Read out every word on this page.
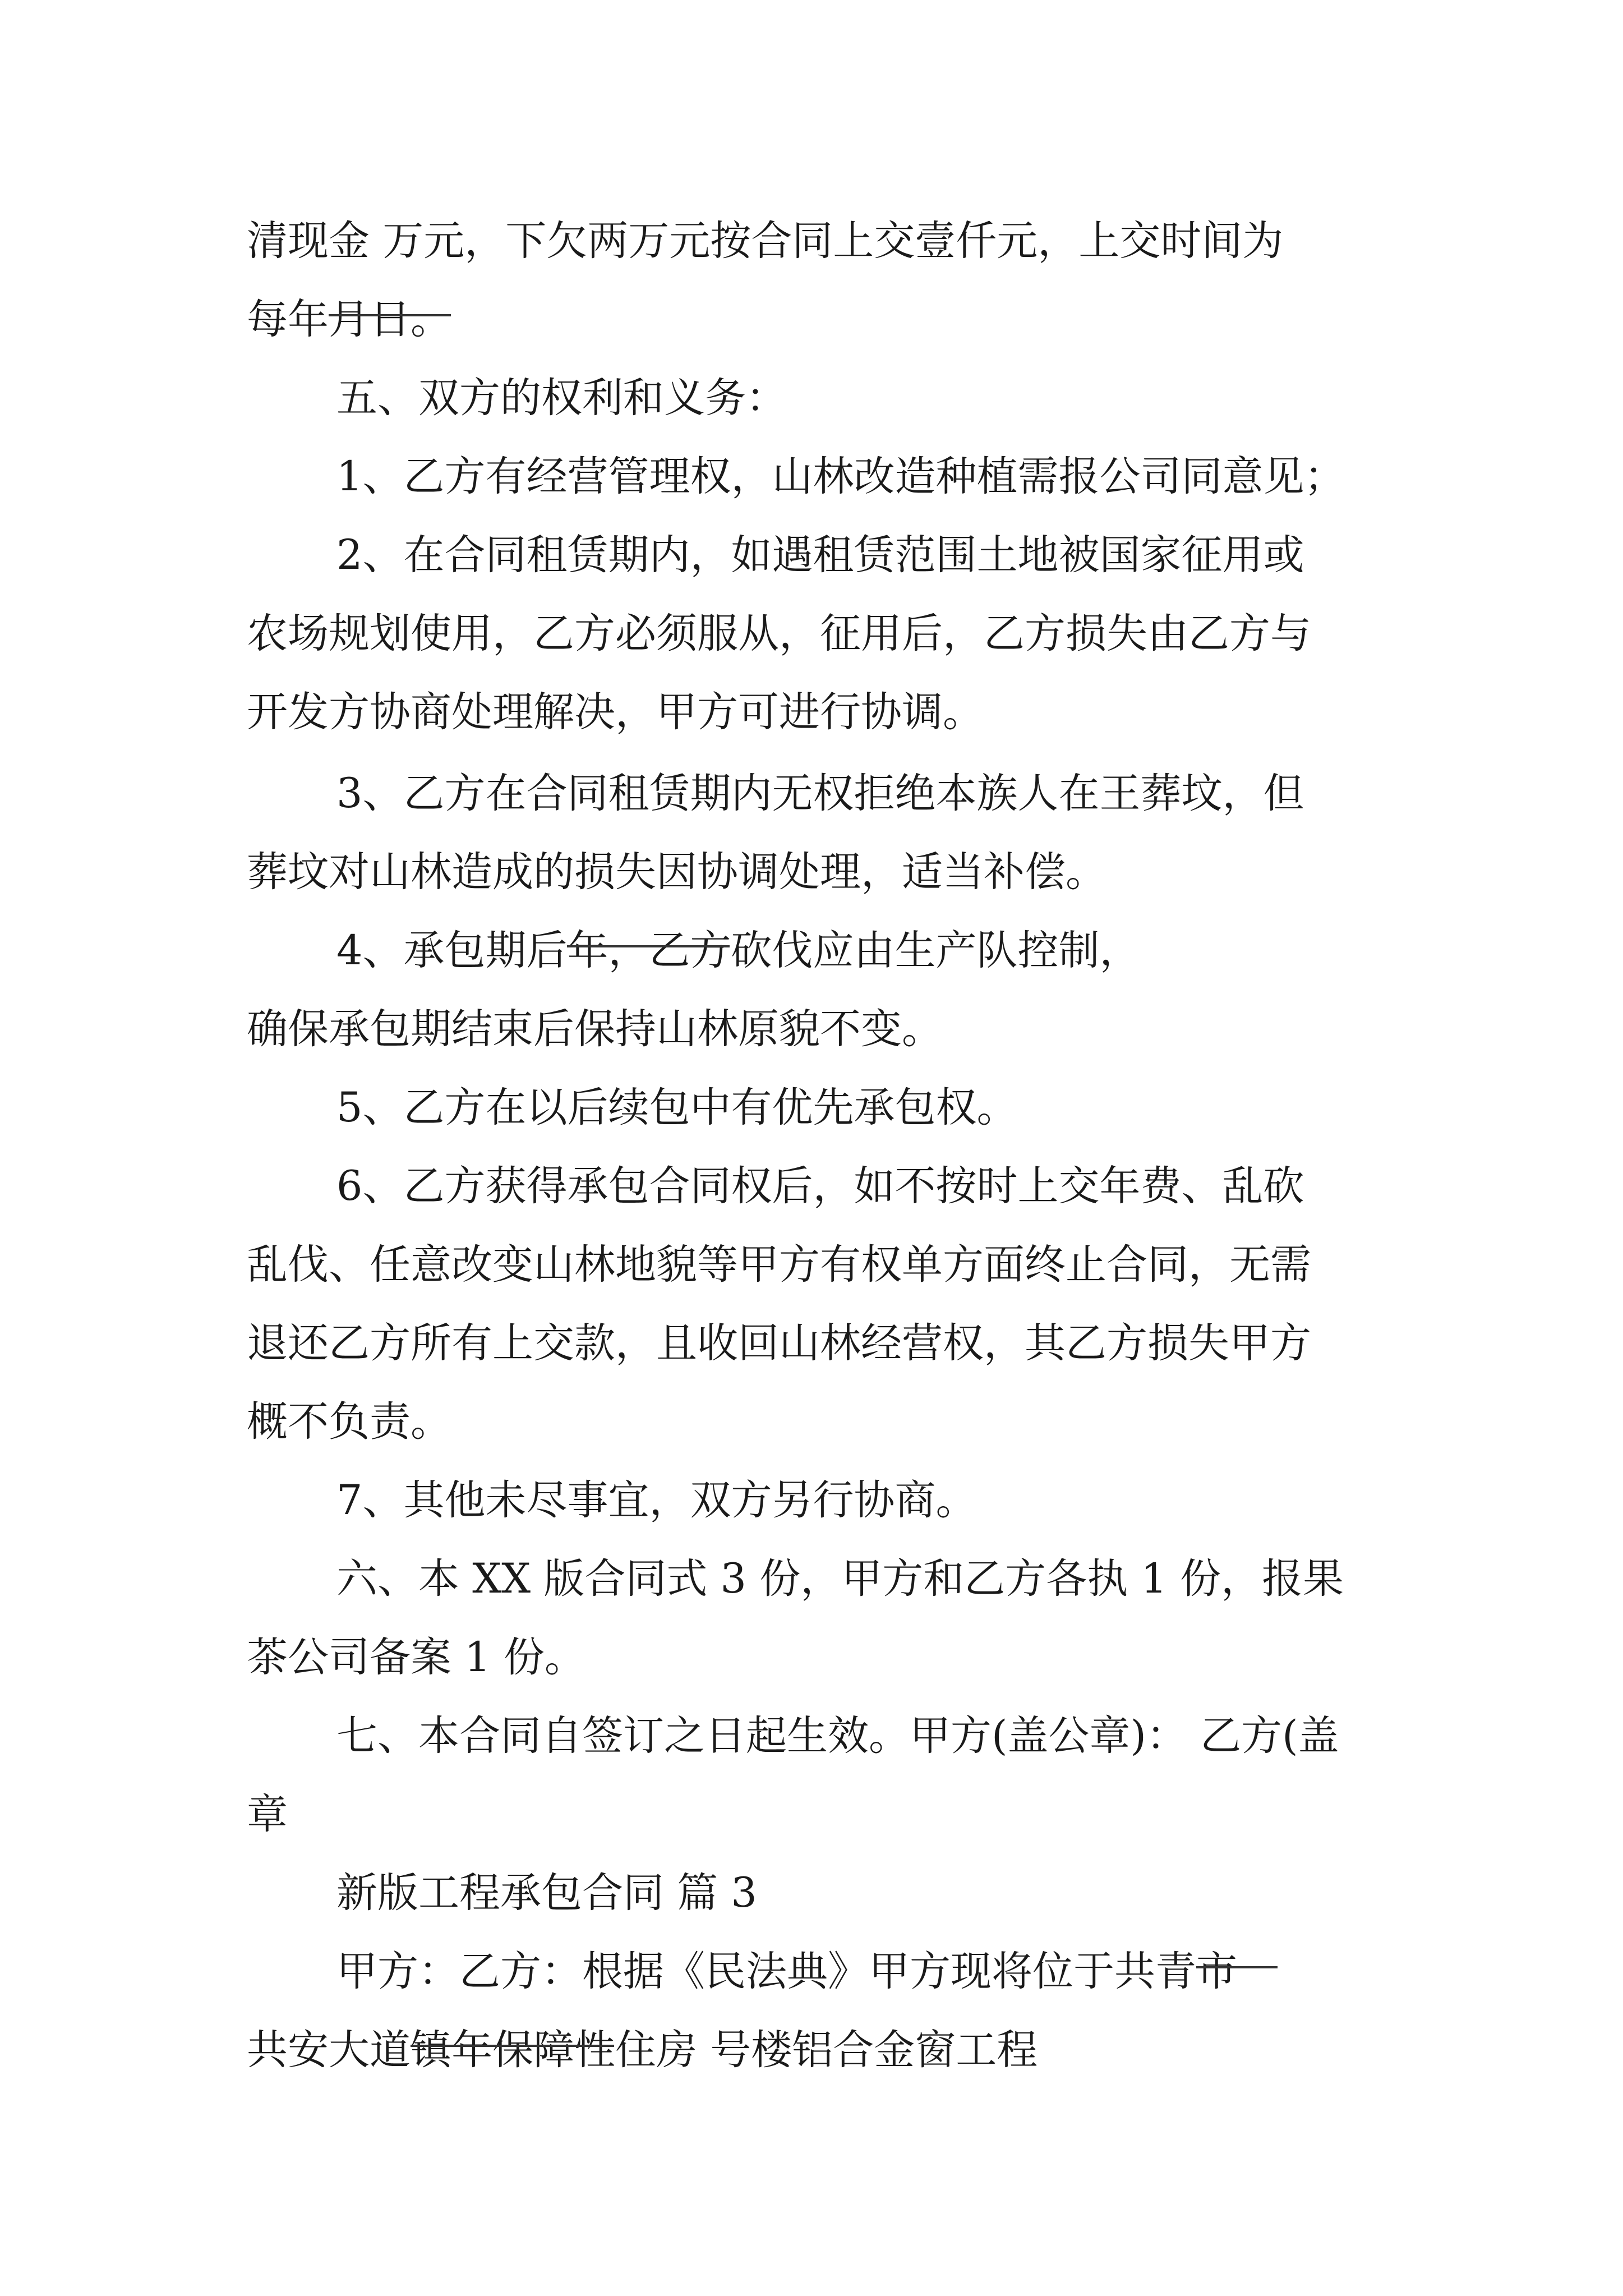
清现金 万元，下欠两万元按合同上交壹仟元，上交时间为
每年
月
日。
五、双方的权利和义务：
1、乙方有经营管理权，山林改造种植需报公司同意见；
2、
在合同租赁期内，如遇租赁范围土地被国家征用或
农场规划使用，乙方必须服从，征用后，乙方损失由乙方与
开发方协商处理解决，甲方可进行协调。
3、
乙方在合同租赁期内无权拒绝本族人在王葬坟，但
葬坟对山林造成的损失因协调处理，适当补偿。
4、
承包期后
年，乙方砍伐应由生产队控制，
确保承包期结束后保持山林原貌不变。
5、
乙方在以后续包中有优先承包权。
6、
乙方获得承包合同权后，如不按时上交年费、乱砍
乱伐、任意改变山林地貌等甲方有权单方面终止合同，无需
退还乙方所有上交款，且收回山林经营权，其乙方损失甲方
概不负责。
7、
其他未尽事宜，双方另行协商。
六、本 XX 版合同式 3 份，甲方和乙方各执 1 份，报果
茶公司备案 1 份。
七、本合同自签订之日起生效。甲方(盖公章)： 乙方(盖
章
新版工程承包合同 篇 3
甲方：乙方：根据《民法典》甲方现将位于共青
市
共安大道
镇
年保障性住房 号楼铝合金窗工程
